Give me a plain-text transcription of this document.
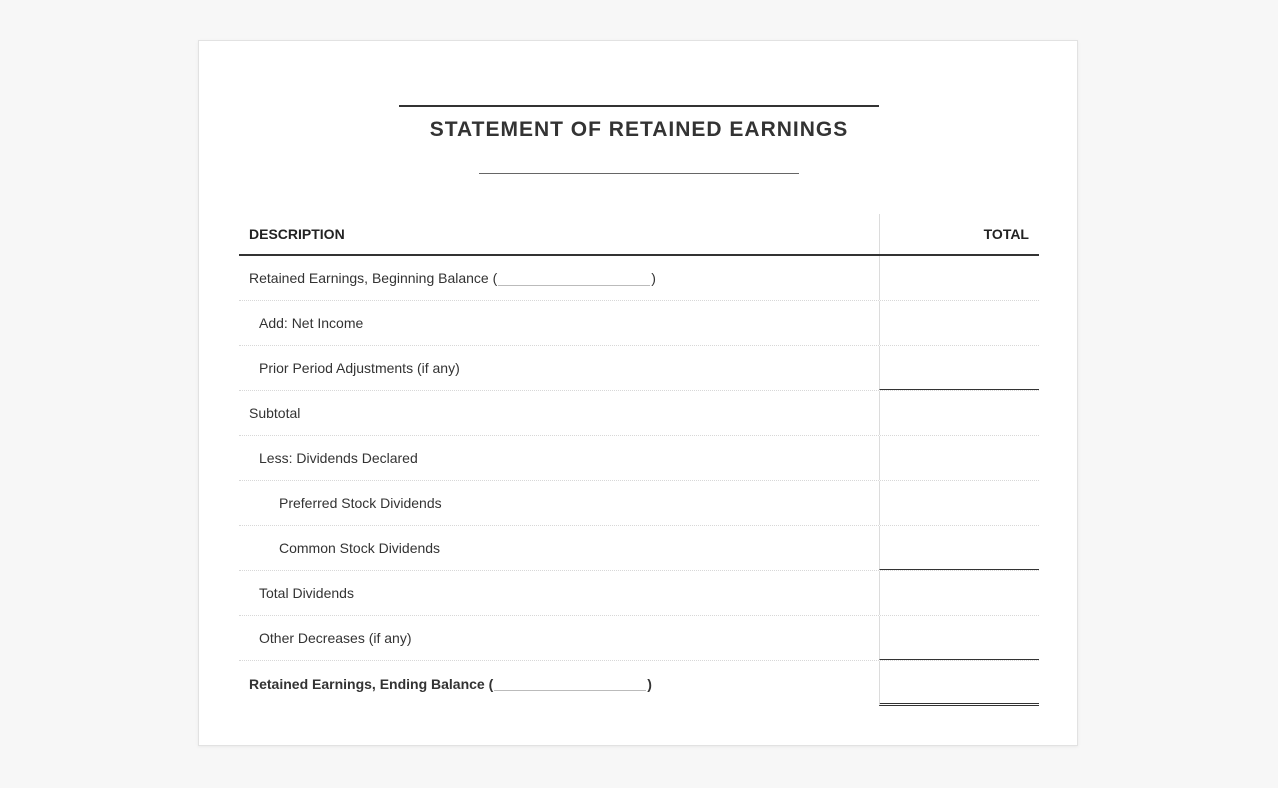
STATEMENT OF RETAINED EARNINGS
DESCRIPTION	TOTAL
Retained Earnings, Beginning Balance (	)
Add: Net Income
Prior Period Adjustments (if any)
Subtotal
Less: Dividends Declared
Preferred Stock Dividends
Common Stock Dividends
Total Dividends
Other Decreases (if any)
Retained Earnings, Ending Balance (	)
